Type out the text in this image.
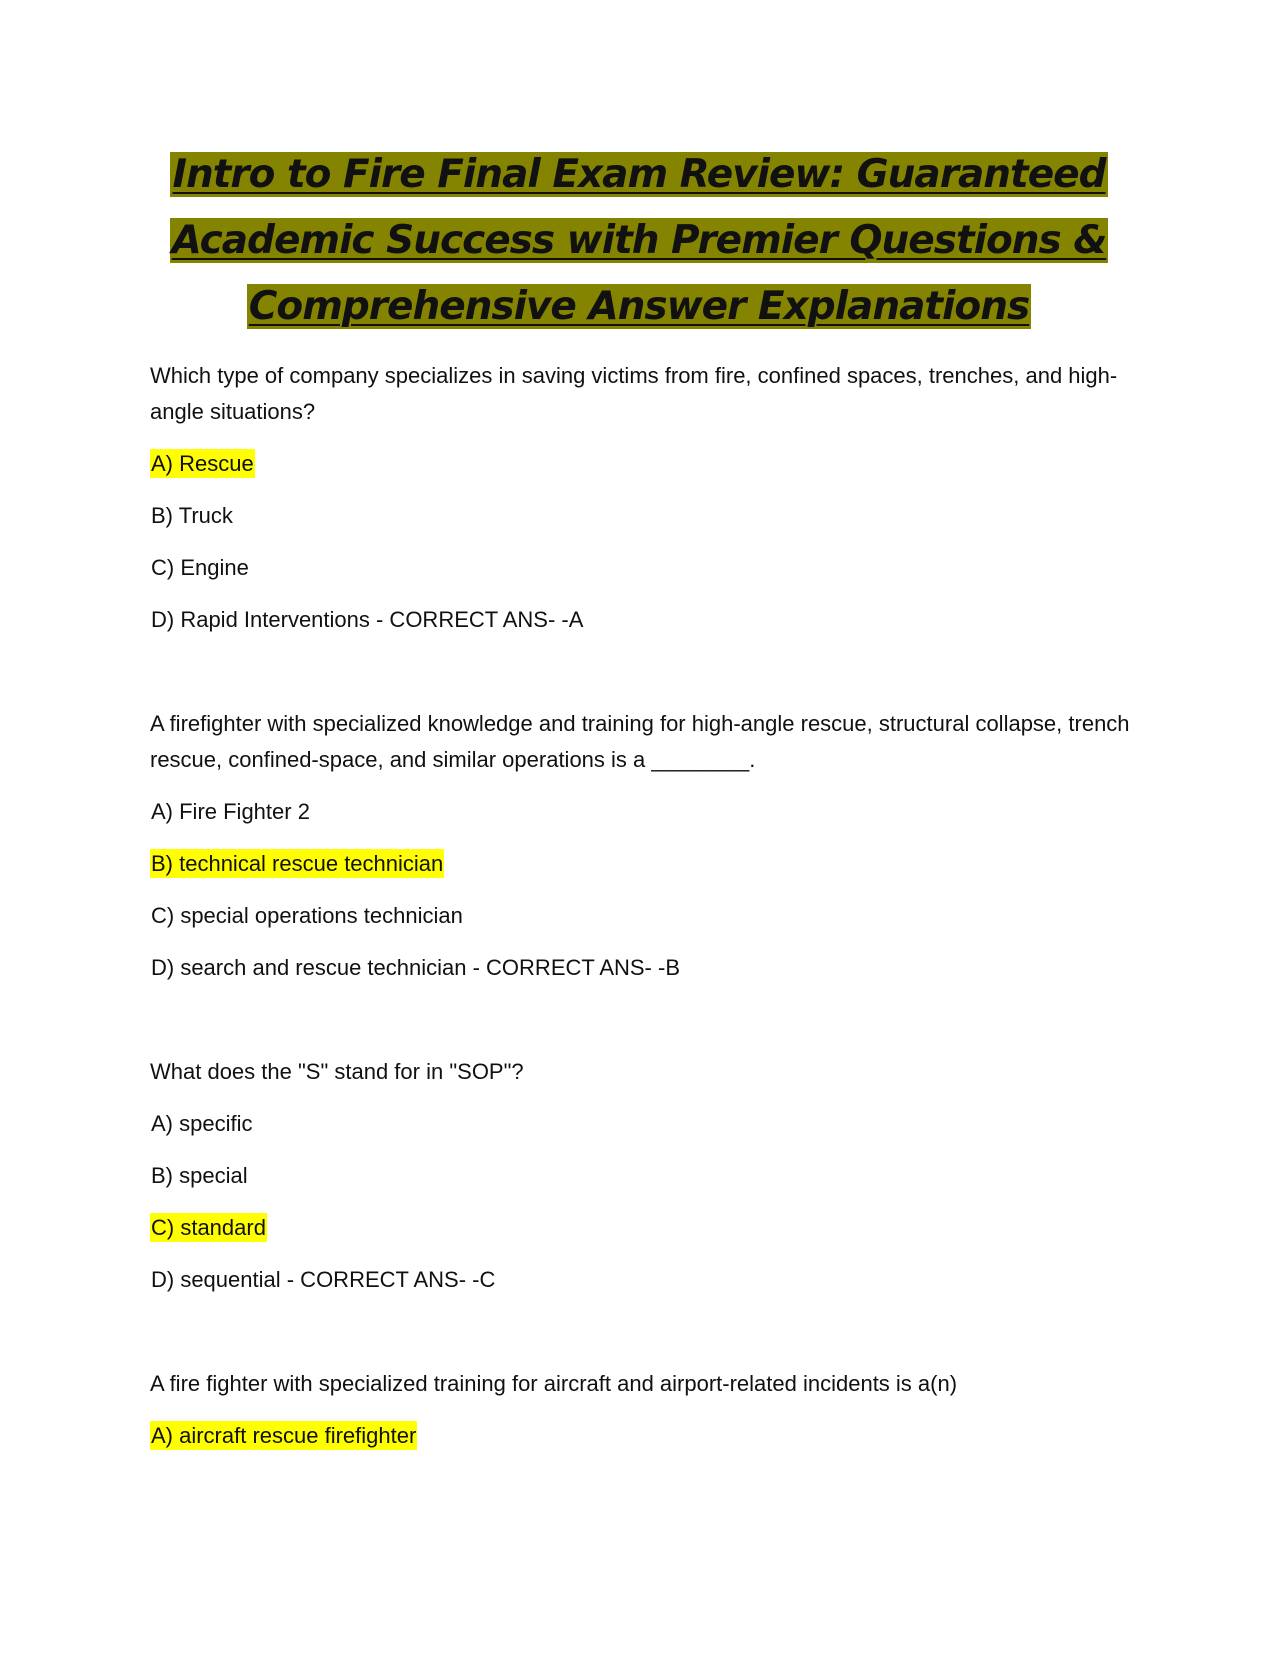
Intro to Fire Final Exam Review: Guaranteed
Academic Success with Premier Questions &
Comprehensive Answer Explanations
Which type of company specializes in saving victims from fire, confined spaces, trenches, and high-angle situations?
A) Rescue
B) Truck
C) Engine
D) Rapid Interventions - CORRECT ANS- -A
A firefighter with specialized knowledge and training for high-angle rescue, structural collapse, trench rescue, confined-space, and similar operations is a ________.
A) Fire Fighter 2
B) technical rescue technician
C) special operations technician
D) search and rescue technician - CORRECT ANS- -B
What does the "S" stand for in "SOP"?
A) specific
B) special
C) standard
D) sequential - CORRECT ANS- -C
A fire fighter with specialized training for aircraft and airport-related incidents is a(n)
A) aircraft rescue firefighter
